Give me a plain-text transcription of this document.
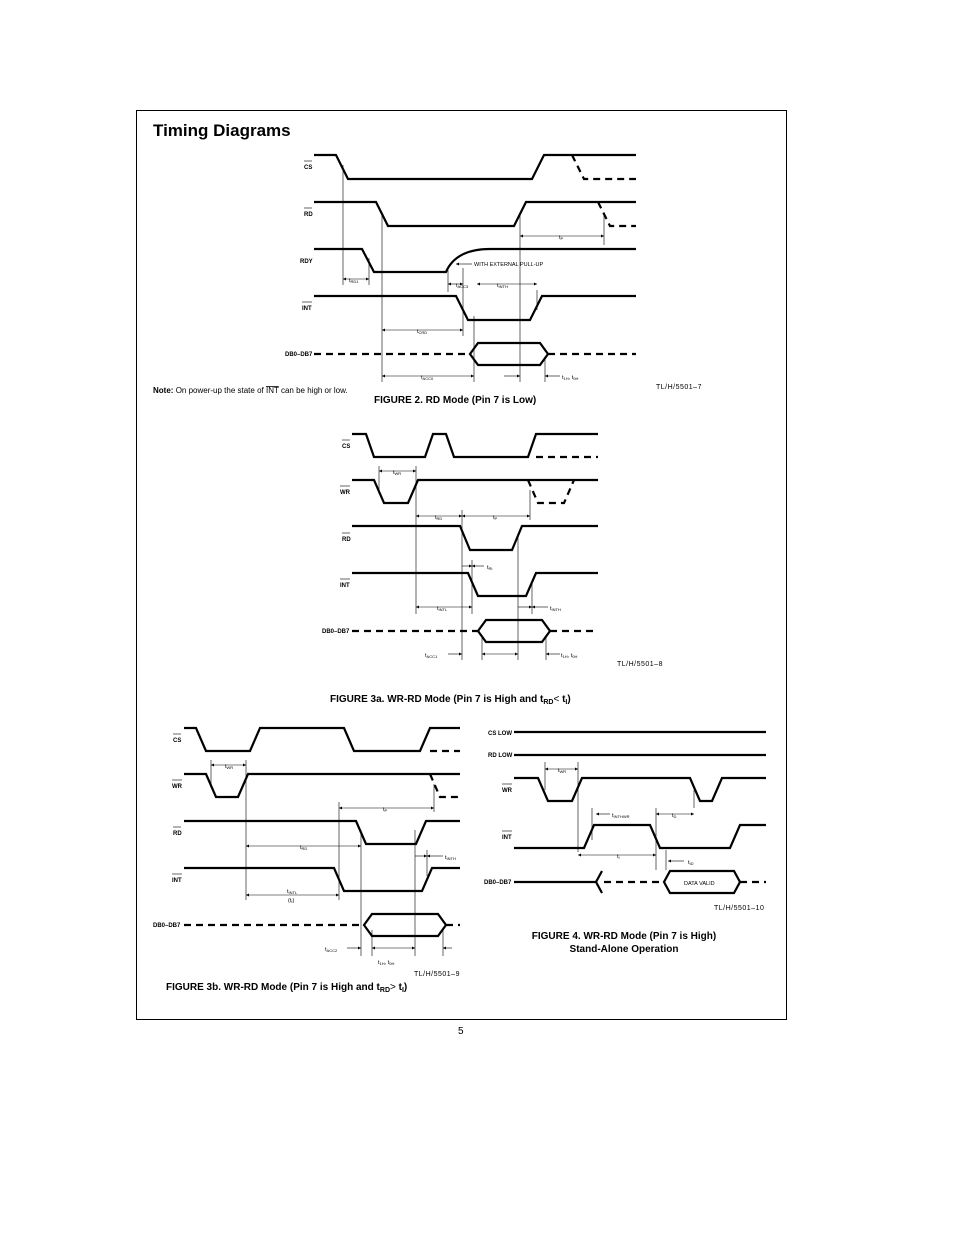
Timing Diagrams
CS
RD
RDY
INT
DB0–DB7
tRD1
tP
WITH EXTERNAL PULL-UP
tACC3	tINTH
tCRD
tACC0	t1H, t0H
TL/H/5501–7
Note: On power-up the state of INT can be high or low.
FIGURE 2. RD Mode (Pin 7 is Low)
CS
WR
RD
INT
DB0–DB7
tWR
tRD	tP
tRI
tINTL	tINTH
tACC1	t1H, t0H
TL/H/5501–8
FIGURE 3a. WR-RD Mode (Pin 7 is High and $t_{RD}< t_I$)
CS
WR
RD
INT
DB0–DB7
tWR
tP
tRD
tINTH
tINTL
(tI)
tACC2
t1H, t0H
TL/H/5501–9
FIGURE 3b. WR-RD Mode (Pin 7 is High and $t_{RD}> t_I$)
CS LOW
RD LOW
WR
INT
DB0–DB7	DATA VALID
tWR
tINTHWR	tD
tI
tID
TL/H/5501–10
FIGURE 4. WR-RD Mode (Pin 7 is High)
Stand-Alone Operation
5
